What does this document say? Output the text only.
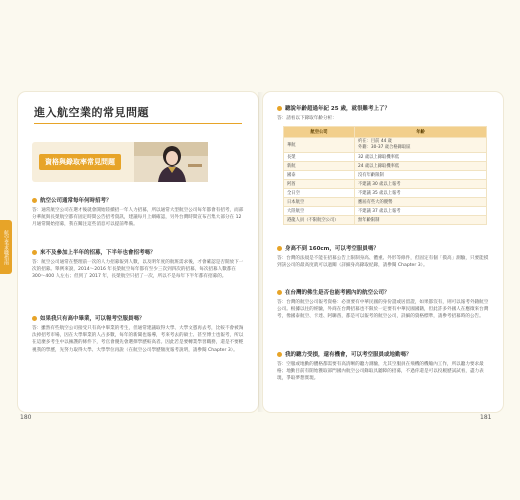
航空業求職指南
進入航空業的常見問題
資格與錄取率常見問題
航空公司通常每年何時招考？
答：通常航空公司在選才後就會開始陸續招一年人力招募，所以通常大型航空公司每年都會有招考，而部分華航與長榮航空都有固定時間公告招考資訊，建議每月上網確認，另外台灣時間宣布召集大部分在 12 月通常開始招募，我在關注這些消息可以提前準備。
來不及參加上半年的招募，下半年也會招考嗎？
答：航空公司通常在整理前一次的人力招募報到人數，以及明年度的航班需求後，才會確認是否開放下一次的招募。舉例來說，2014～2016 年長榮航空每年都有至少三次到四次的招募，每次招募人數都在 300～400 人左右；但到了 2017 年，長榮航空只招了一次，所以不是每年下半年都有招募的。
如果我只有高中畢業，可以報考空服員嗎？
答：雖然有些航空公司接受只有高中畢業的考生，但通常建議取得大學、大學文憑再去考，比較不會被淘汰掉招考市場，因在大學畢業的人占多數，每年的新聞也報導，考來考去的碩士、甚至博士也報考，所以在這麼多考生中以擁護的條件下，考官會優先會選擇學歷較高者。因此若是要轉業學習職務，還是不要輕視我的學歷，先努力取得大學、大學學位再說（在航空公司學歷額度報考說明，請參閱 Chapter 3）。
聽說年齡超過年紀 25 歲，就很難考上了？
答：請看以下錄取年齡分析：
航空公司	年齡
華航	約在：目前 44 歲
外籍：30-37 歲合格錄取區
長榮	32 歲以上錄取機率低
新航	24 歲以上錄取機率低
國泰	沒有年齡限制
阿酋	不建議 30 歲以上報考
全日空	不建議 35 歲以上報考
日本航空	應屆有些大的優勢
大陸航空	不建議 37 歲以上報考
港龍人員（不限航空公司）	無年齡限制
身高不到 160cm，可以考空服員嗎？
答：台灣的法規是不能在招募公告上限制身高、體重、外形等條件，但固定有個「摸高」測驗，只要能摸到該公司的最高度就可以過關（詳細身高錄取紀錄，請參閱 Chapter 3）。
在台灣的佛生是否也能考國內的航空公司？
答：台灣的航空公司報考資格：必須要有中華民國的身份證或居留證，如果都沒有，則可以報考外籍航空公司。根據以往的經驗，外商在台灣招募也不限於一定要有中華民國國籍，但此許多外國人在應徵來台灣考，像國泰航空、卡達、阿聯酋，都是可以報考的航空公司，詳細的資格標準，請參考招募時的公告。
我的聽力受損，還有機會，可以考空服員或地勤嗎？
答：空服或地勤的體格都需要有高清晰的聽力測驗，尤其空服員在飛機的機艙內工作，所以聽力要求最格；地勤目前有開始獲取部門國內航空公司錄取具聽障的招募，不過你還是可以投履歷試試看，盡力表現，爭取夢想實現。
180	181
